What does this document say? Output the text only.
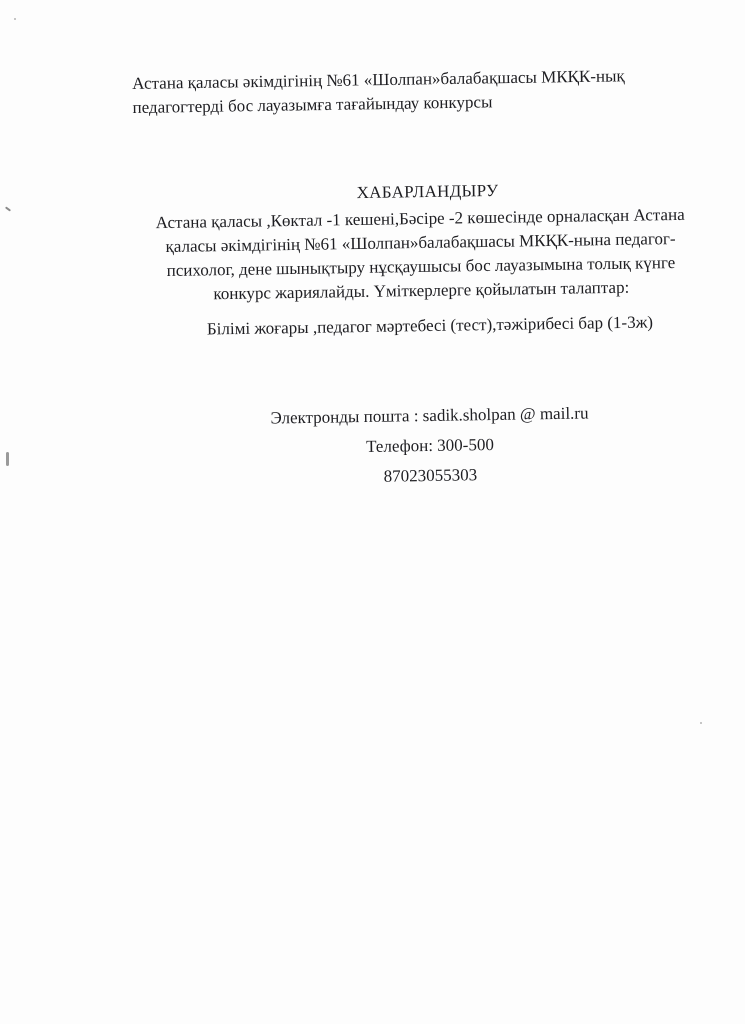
Астана қаласы әкімдігінің №61 «Шолпан»балабақшасы МКҚК-нық
педагогтерді бос лауазымға тағайындау конкурсы
ХАБАРЛАНДЫРУ
Астана қаласы ,Көктал -1 кешені,Бәсіре -2 көшесінде орналасқан Астана
қаласы әкімдігінің №61 «Шолпан»балабақшасы МКҚК-нына педагог-
психолог, дене шынықтыру нұсқаушысы бос лауазымына толық күнге
конкурс жариялайды. Үміткерлерге қойылатын талаптар:
Білімі жоғары ,педагог мәртебесі (тест),тәжірибесі бар (1-3ж)
Электронды пошта : sadik.sholpan @ mail.ru
Телефон: 300-500
87023055303
